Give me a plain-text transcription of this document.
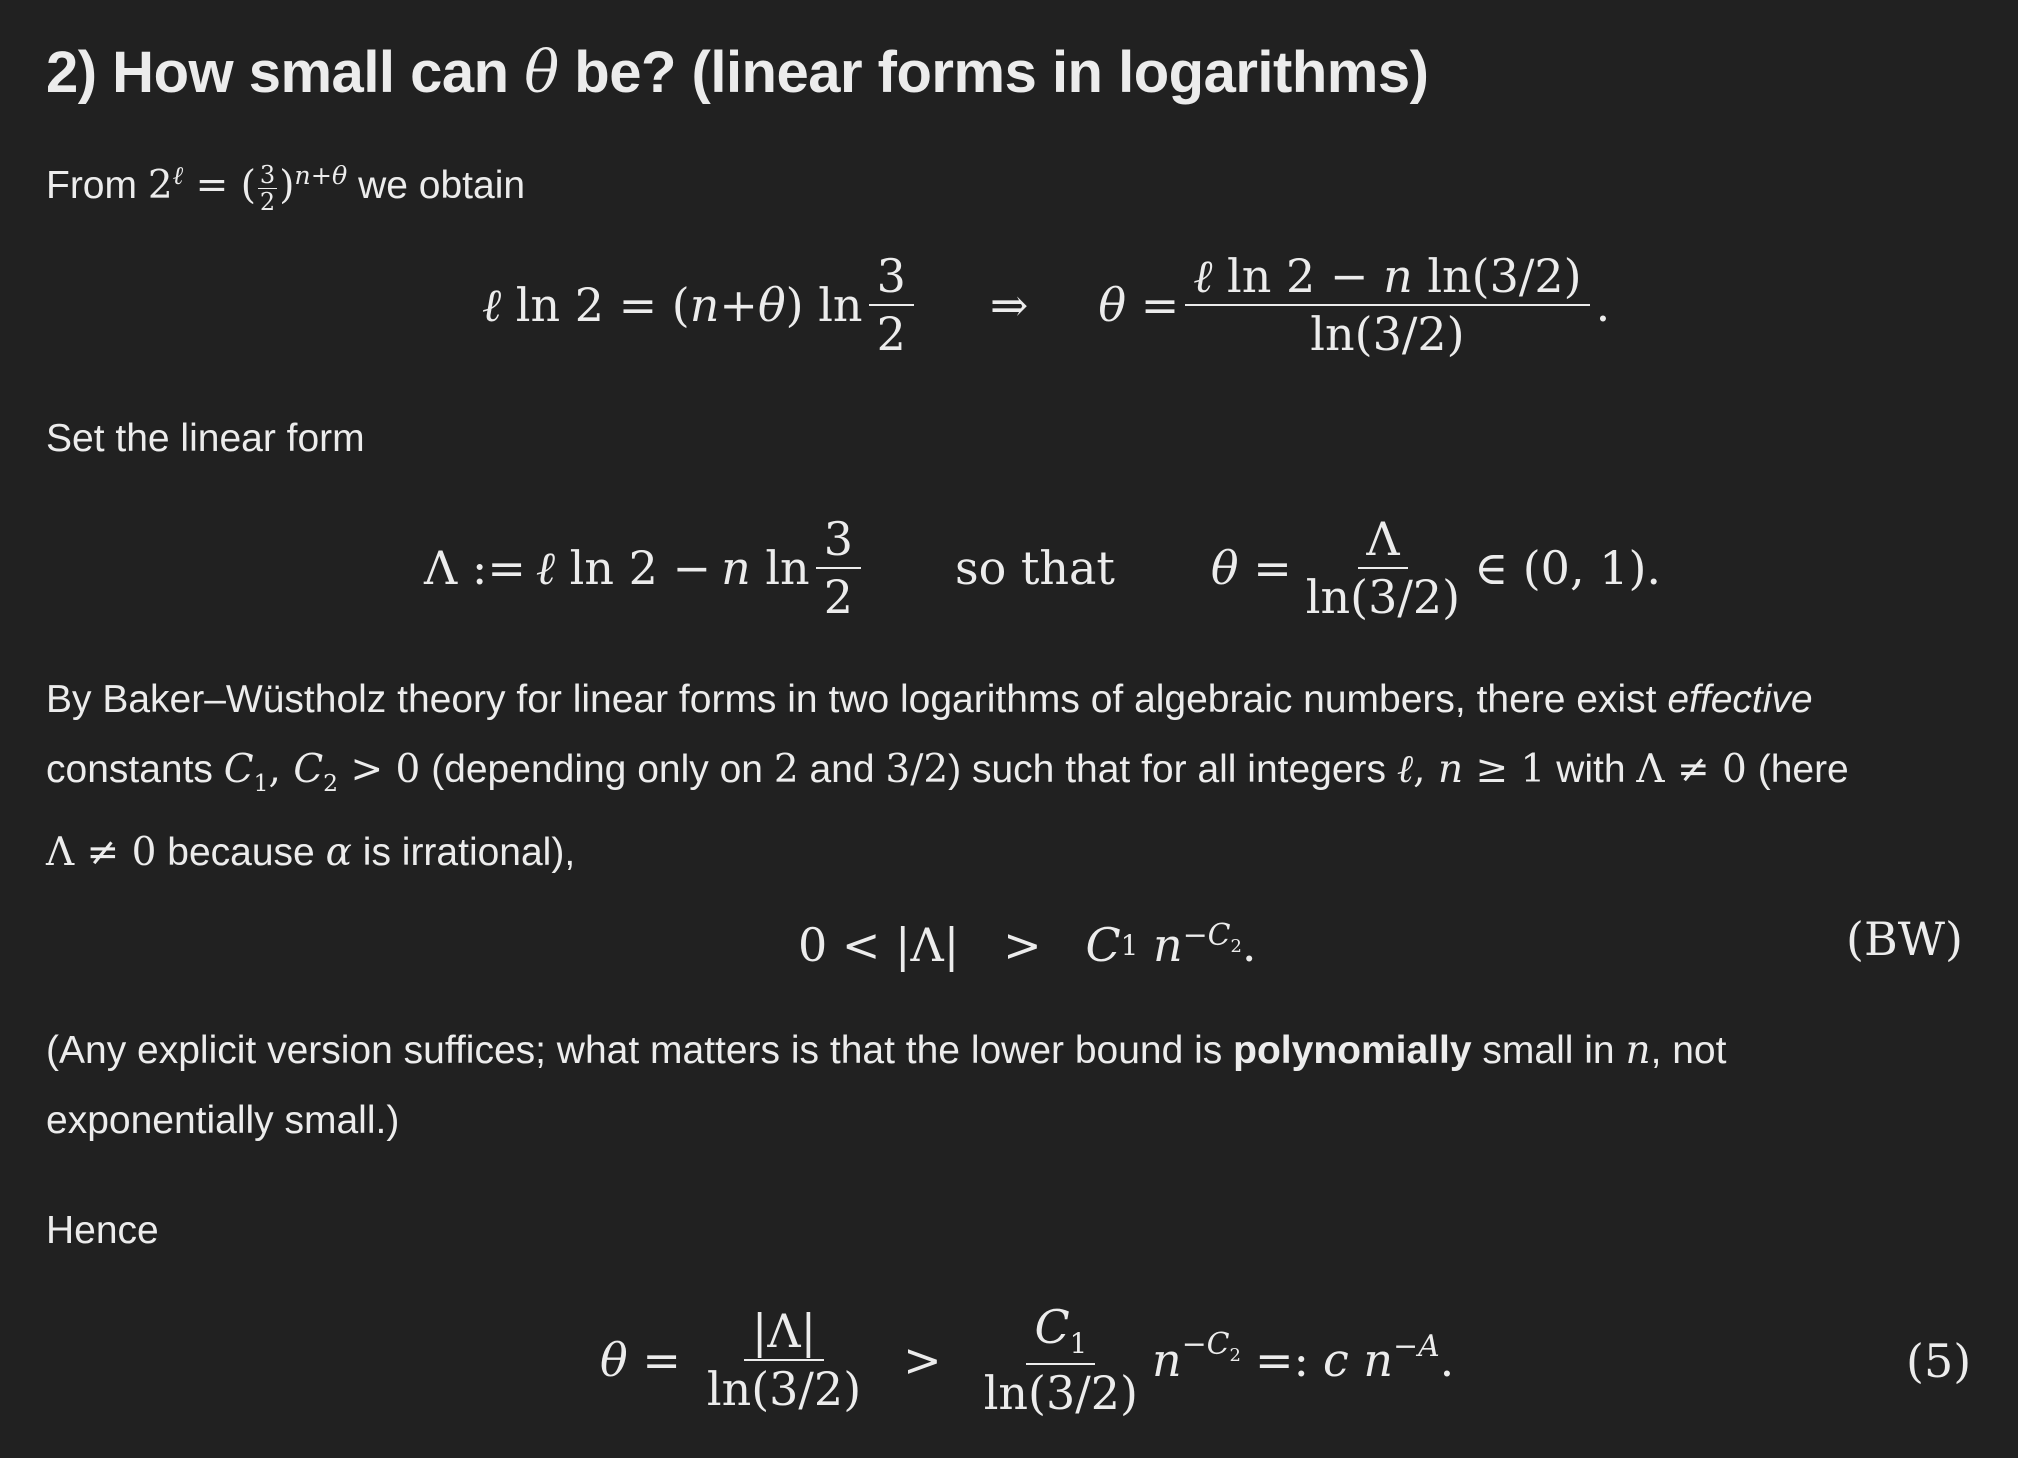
2) How small can θ be? (linear forms in logarithms)
From $2^\ell$ = ( $\frac{3}{2} )^{n+\theta}$ we obtain
ℓ ln 2 = ( n + θ ) $\ln \frac{3}{2}$ ⇒ $\theta = \frac{\text{ℓ ln 2 − n ln(3/2)}}{\ln(3/2)}$ .
Set the linear form
Λ := ℓ ln 2 − n $\ln \frac{3}{2}$ so that $\theta = \frac{\Lambda}{\ln(3/2)}$ ∈ (0, 1).
By Baker–Wüstholz theory for linear forms in two logarithms of algebraic numbers, there exist effective
constants $C_1$, $C_2 > 0$ (depending only on 2 and 3/2) such that for all integers ℓ, n ≥ 1 with Λ ≠ 0 (here
Λ ≠ 0 because α is irrational),
0 < |Λ|   > C 1
$n^{-C_2}$ .	(BW)
(Any explicit version suffices; what matters is that the lower bound is polynomially small in n, not
exponentially small.)
Hence
$\theta = \frac{|\Lambda|}{\ln(3/2)} > \frac{C_1}{\ln(3/2)} n^{-C_2}$ =: c
$n^{-A}$ .	(5)
